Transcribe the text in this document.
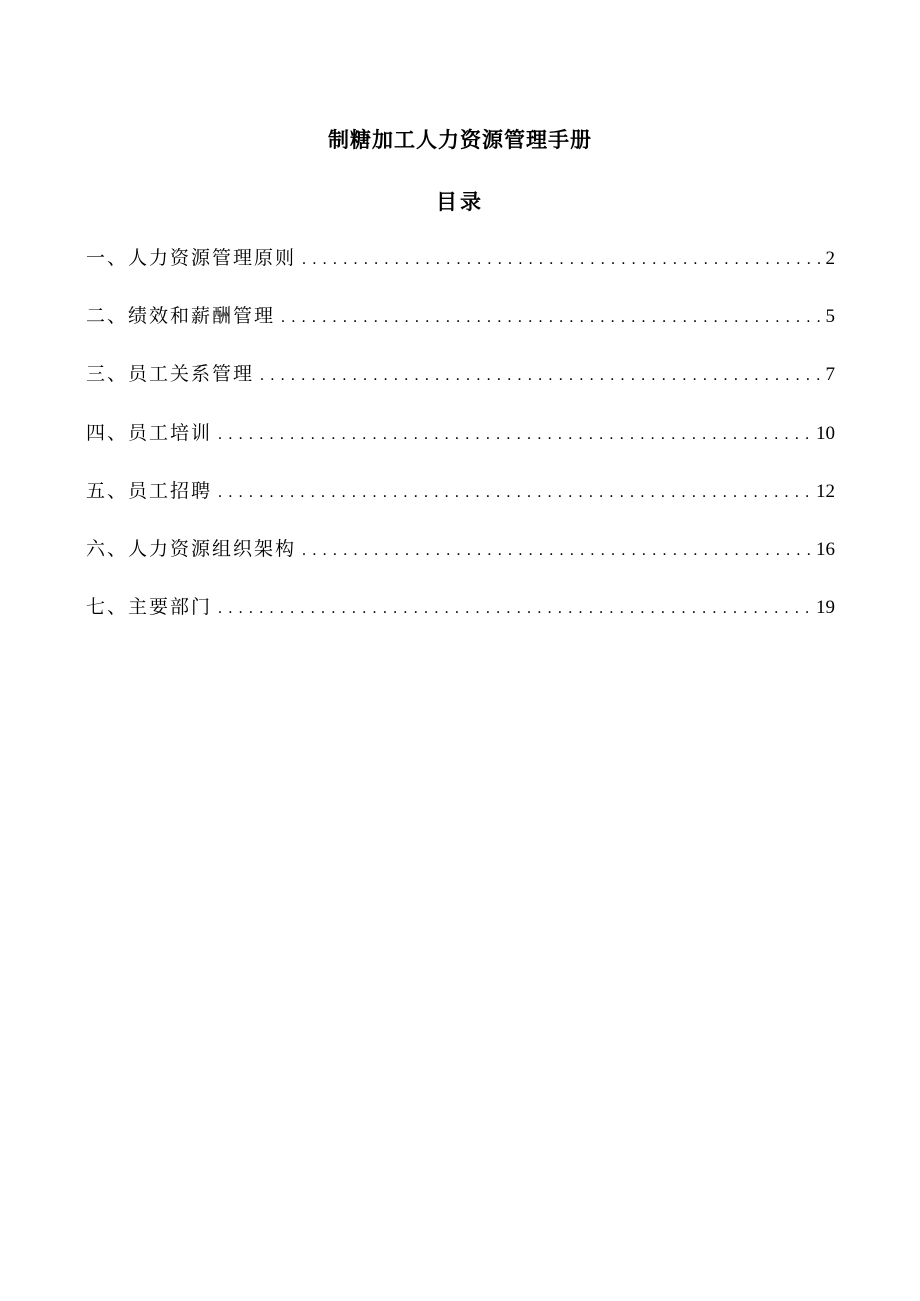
制糖加工人力资源管理手册
目录
一、人力资源管理原则 . . .	2
二、绩效和薪酬管理 . . .	5
三、员工关系管理 . . .	7
四、员工培训 . . .	10
五、员工招聘 . . .	12
六、人力资源组织架构 . . .	16
七、主要部门 . . .	19
